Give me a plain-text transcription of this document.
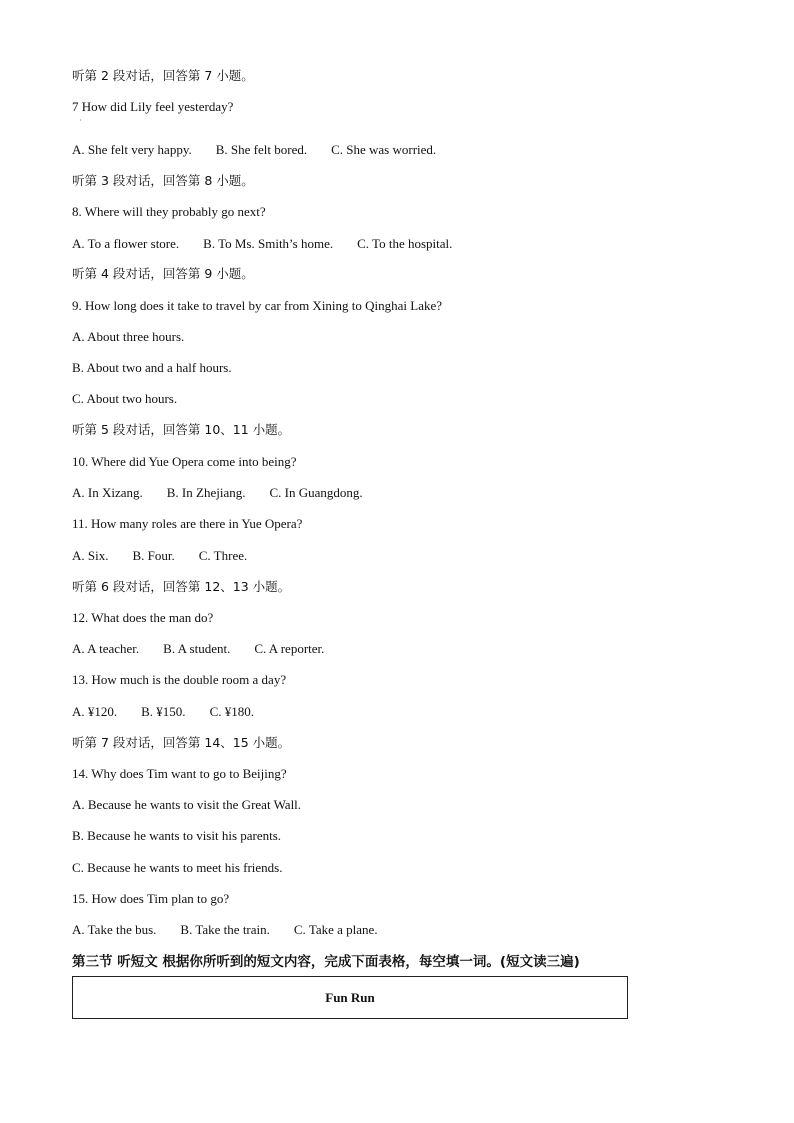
听第 2 段对话，回答第 7 小题。
7 How did Lily feel yesterday?
A. She felt very happy. B. She felt bored. C. She was worried.
听第 3 段对话，回答第 8 小题。
8. Where will they probably go next?
A. To a flower store. B. To Ms. Smith’s home. C. To the hospital.
听第 4 段对话，回答第 9 小题。
9. How long does it take to travel by car from Xining to Qinghai Lake?
A. About three hours.
B. About two and a half hours.
C. About two hours.
听第 5 段对话，回答第 10、11 小题。
10. Where did Yue Opera come into being?
A. In Xizang. B. In Zhejiang. C. In Guangdong.
11. How many roles are there in Yue Opera?
A. Six. B. Four. C. Three.
听第 6 段对话，回答第 12、13 小题。
12. What does the man do?
A. A teacher. B. A student. C. A reporter.
13. How much is the double room a day?
A. ¥120. B. ¥150. C. ¥180.
听第 7 段对话，回答第 14、15 小题。
14. Why does Tim want to go to Beijing?
A. Because he wants to visit the Great Wall.
B. Because he wants to visit his parents.
C. Because he wants to meet his friends.
15. How does Tim plan to go?
A. Take the bus. B. Take the train. C. Take a plane.
·
第三节 听短文 根据你所听到的短文内容，完成下面表格，每空填一词。(短文读三遍)
Fun Run
